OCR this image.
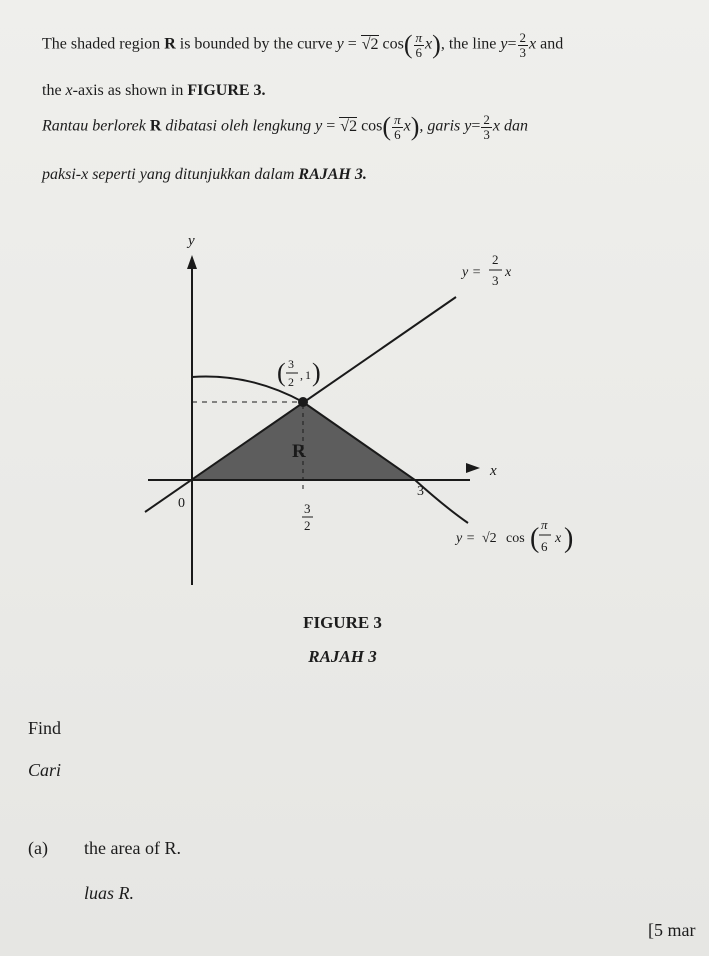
The shaded region R is bounded by the curve y = √2 $\cos( \frac{\pi}{6} x)$, the line $y= \frac{2}{3}$ x and
the x-axis as shown in FIGURE 3.
Rantau berlorek R dibatasi oleh lengkung y = √2 $\cos( \frac{\pi}{6} x)$, garis $y= \frac{2}{3}$ x dan
paksi-x seperti yang ditunjukkan dalam RAJAH 3.
y
x
0
3
R
( 3
2 , 1 )
3
2
y =
2
3
x
y = √2 cos ( π
6
x )
FIGURE 3
RAJAH 3
Find
Cari
(a) the area of R.
luas R.
[5 mar
